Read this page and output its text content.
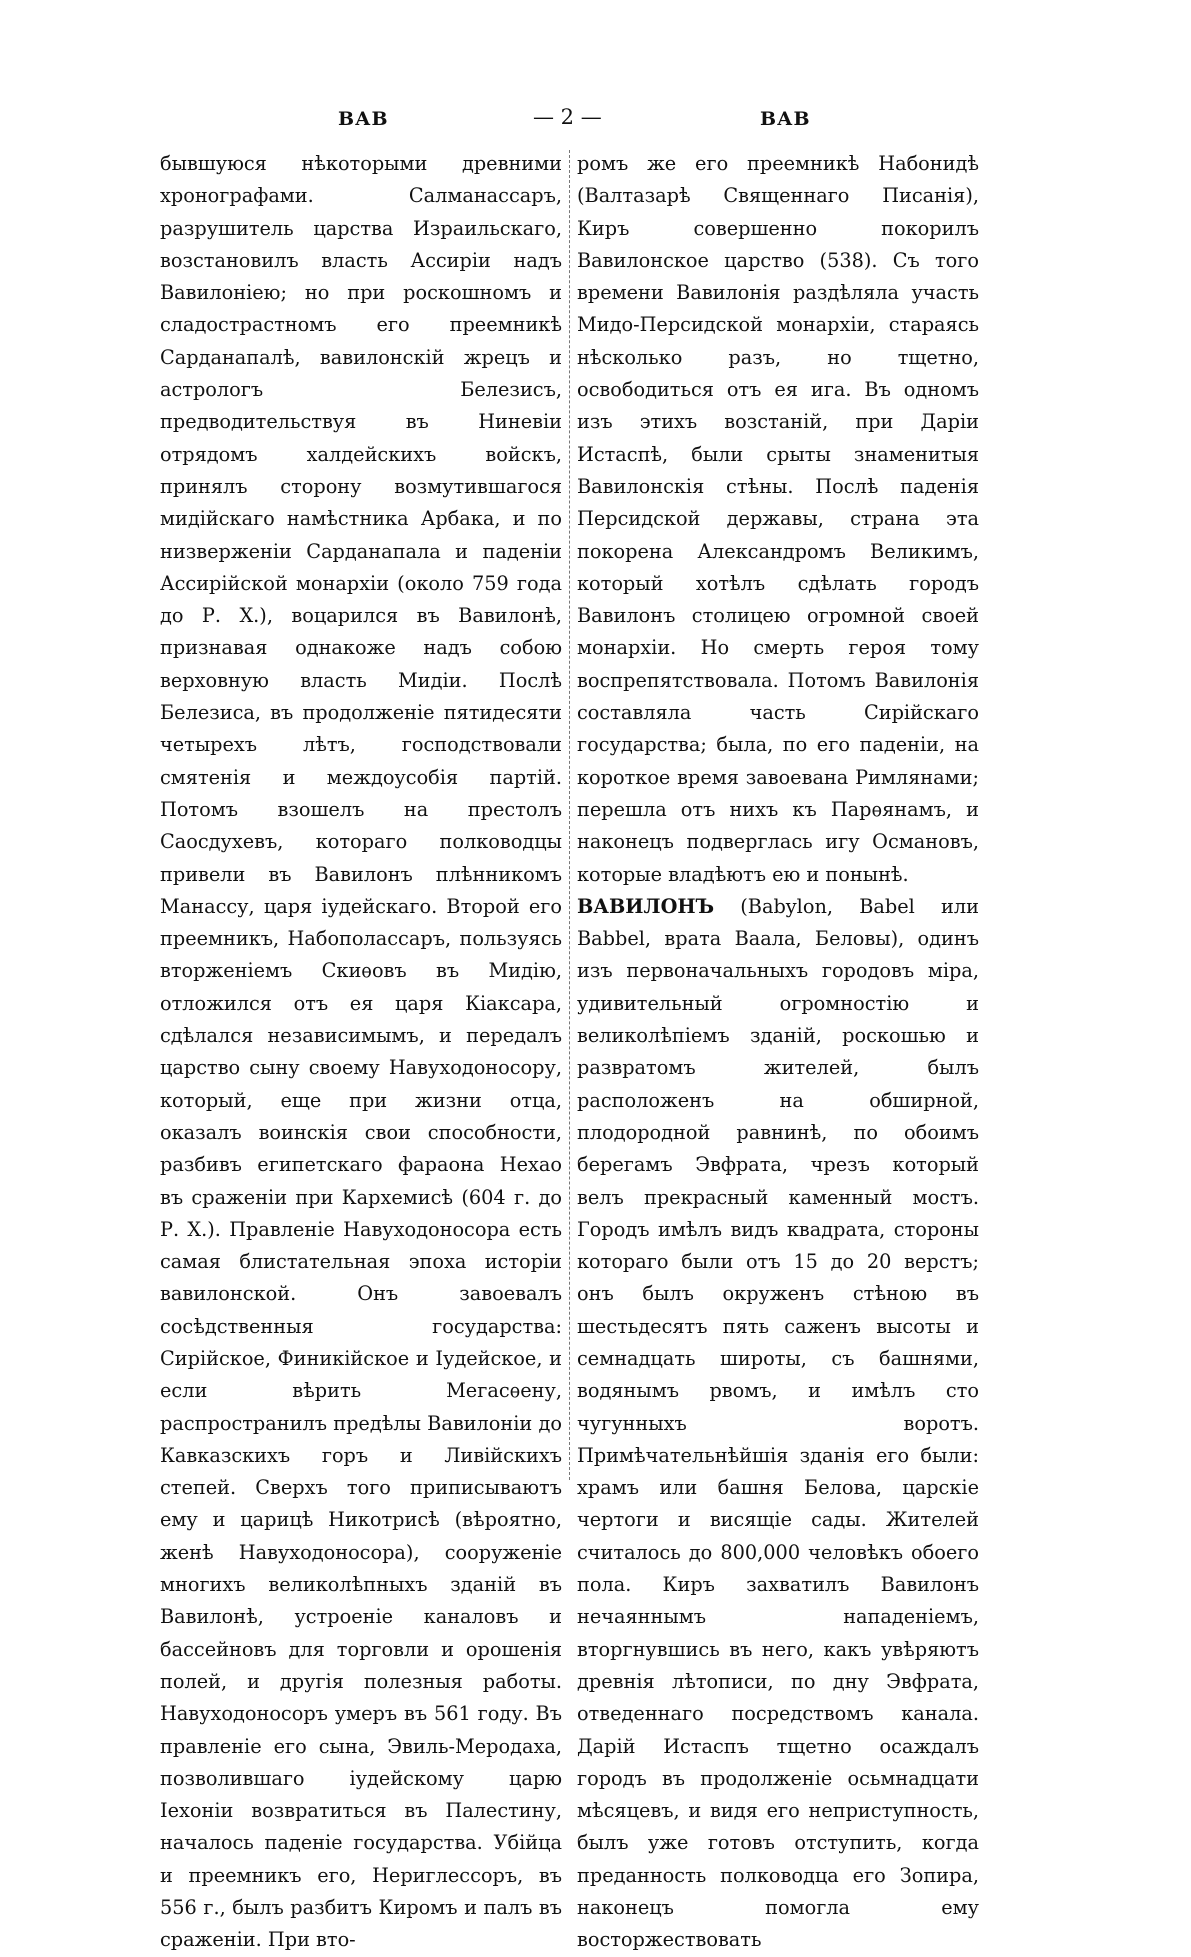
ВАВ	— 2 —	ВАВ

бывшуюся нѣкоторыми древними хронографами. Салманассаръ, разрушитель царства Израильскаго, возстановилъ власть Ассиріи надъ Вавилоніею; но при роскошномъ и сладострастномъ его преемникѣ Сарданапалѣ, вавилонскій жрецъ и астрологъ Белезисъ, предводительствуя въ Ниневіи отрядомъ халдейскихъ войскъ, принялъ сторону возмутившагося мидійскаго намѣстника Арбака, и по низверженіи Сарданапала и паденіи Ассирійской монархіи (около 759 года до Р. Х.), воцарился въ Вавилонѣ, признавая однакоже надъ собою верховную власть Мидіи. Послѣ Белезиса, въ продолженіе пятидесяти четырехъ лѣтъ, господствовали смятенія и междоусобія партій. Потомъ взошелъ на престолъ Саосдухевъ, котораго полководцы привели въ Вавилонъ плѣнникомъ Манассу, царя іудейскаго. Второй его преемникъ, Набополассаръ, пользуясь вторженіемъ Скиѳовъ въ Мидію, отложился отъ ея царя Кіаксара, сдѣлался независимымъ, и передалъ царство сыну своему Навуходоносору, который, еще при жизни отца, оказалъ воинскія свои способности, разбивъ египетскаго фараона Нехао въ сраженіи при Кархемисѣ (604 г. до Р. Х.). Правленіе Навуходоносора есть самая блистательная эпоха исторіи вавилонской. Онъ завоевалъ сосѣдственныя государства: Сирійское, Финикійское и Іудейское, и если вѣрить Мегасѳену, распространилъ предѣлы Вавилоніи до Кавказскихъ горъ и Ливійскихъ степей. Сверхъ того приписываютъ ему и царицѣ Никотрисѣ (вѣроятно, женѣ Навуходоносора), сооруженіе многихъ великолѣпныхъ зданій въ Вавилонѣ, устроеніе каналовъ и бассейновъ для торговли и орошенія полей, и другія полезныя работы. Навуходоносоръ умеръ въ 561 году. Въ правленіе его сына, Эвиль-Меродаха, позволившаго іудейскому царю Iехоніи возвратиться въ Палестину, началось паденіе государства. Убійца и преемникъ его, Нериглессоръ, въ 556 г., былъ разбитъ Киромъ и палъ въ сраженіи. При вто-

ромъ же его преемникѣ Набонидѣ (Валтазарѣ Священнаго Писанія), Киръ совершенно покорилъ Вавилонское царство (538). Съ того времени Вавилонія раздѣляла участь Мидо-Персидской монархіи, стараясь нѣсколько разъ, но тщетно, освободиться отъ ея ига. Въ одномъ изъ этихъ возстаній, при Даріи Истаспѣ, были срыты знаменитыя Вавилонскія стѣны. Послѣ паденія Персидской державы, страна эта покорена Александромъ Великимъ, который хотѣлъ сдѣлать городъ Вавилонъ столицею огромной своей монархіи. Но смерть героя тому воспрепятствовала. Потомъ Вавилонія составляла часть Сирійскаго государства; была, по его паденіи, на короткое время завоевана Римлянами; перешла отъ нихъ къ Парѳянамъ, и наконецъ подверглась игу Османовъ, которые владѣютъ ею и понынѣ.

ВАВИЛОНЪ (Babylon, Babel или Babbel, врата Ваала, Беловы), одинъ изъ первоначальныхъ городовъ міра, удивительный огромностію и великолѣпіемъ зданій, роскошью и развратомъ жителей, былъ расположенъ на обширной, плодородной равнинѣ, по обоимъ берегамъ Эвфрата, чрезъ который велъ прекрасный каменный мостъ. Городъ имѣлъ видъ квадрата, стороны котораго были отъ 15 до 20 верстъ; онъ былъ окруженъ стѣною въ шестьдесятъ пять саженъ высоты и семнадцать широты, съ башнями, водянымъ рвомъ, и имѣлъ сто чугунныхъ воротъ. Примѣчательнѣйшія зданія его были: храмъ или башня Белова, царскіе чертоги и висящіе сады. Жителей считалось до 800,000 человѣкъ обоего пола. Киръ захватилъ Вавилонъ нечаяннымъ нападеніемъ, вторгнувшись въ него, какъ увѣряютъ древнія лѣтописи, по дну Эвфрата, отведеннаго посредствомъ канала. Дарій Истаспъ тщетно осаждалъ городъ въ продолженіе осьмнадцати мѣсяцевъ, и видя его неприступность, былъ уже готовъ отступить, когда преданность полководца его Зопира, наконецъ помогла ему восторжествовать
